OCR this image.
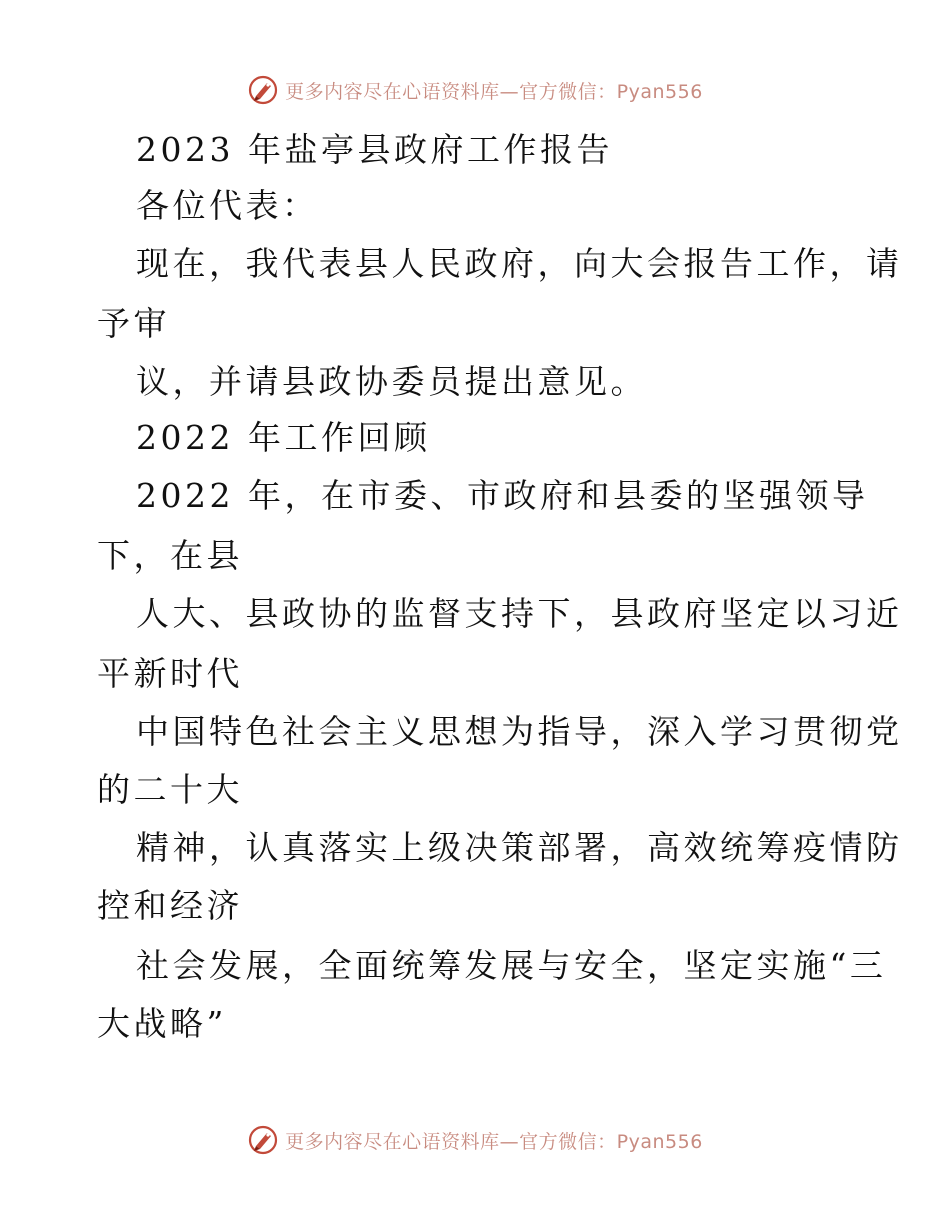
更多内容尽在心语资料库—官方微信：Pyan556
2023 年盐亭县政府工作报告
各位代表：
现在，我代表县人民政府，向大会报告工作，请
予审
议，并请县政协委员提出意见。
2022 年工作回顾
2022 年，在市委、市政府和县委的坚强领导
下，在县
人大、县政协的监督支持下，县政府坚定以习近
平新时代
中国特色社会主义思想为指导，深入学习贯彻党
的二十大
精神，认真落实上级决策部署，高效统筹疫情防
控和经济
社会发展，全面统筹发展与安全，坚定实施“三
大战略”
更多内容尽在心语资料库—官方微信：Pyan556
